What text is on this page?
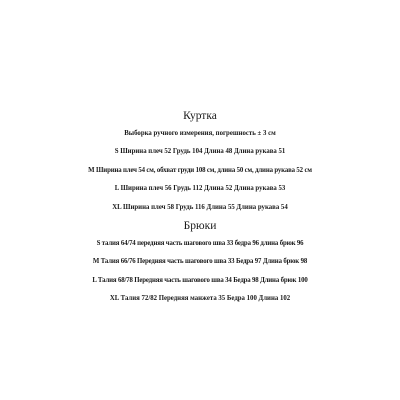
Куртка
Выборка ручного измерения, погрешность ± 3 см
S Ширина плеч 52 Грудь 104 Длина 48 Длина рукава 51
M Ширина плеч 54 см, обхват груди 108 см, длина 50 см, длина рукава 52 см
L Ширина плеч 56 Грудь 112 Длина 52 Длина рукава 53
XL Ширина плеч 58 Грудь 116 Длина 55 Длина рукава 54
Брюки
S талия 64/74 передняя часть шагового шва 33 бедра 96 длина брюк 96
M Талия 66/76 Передняя часть шагового шва 33 Бедра 97 Длина брюк 98
L Талия 68/78 Передняя часть шагового шва 34 Бедра 98 Длина брюк 100
XL Талия 72/82 Передняя манжета 35 Бедра 100 Длина 102
